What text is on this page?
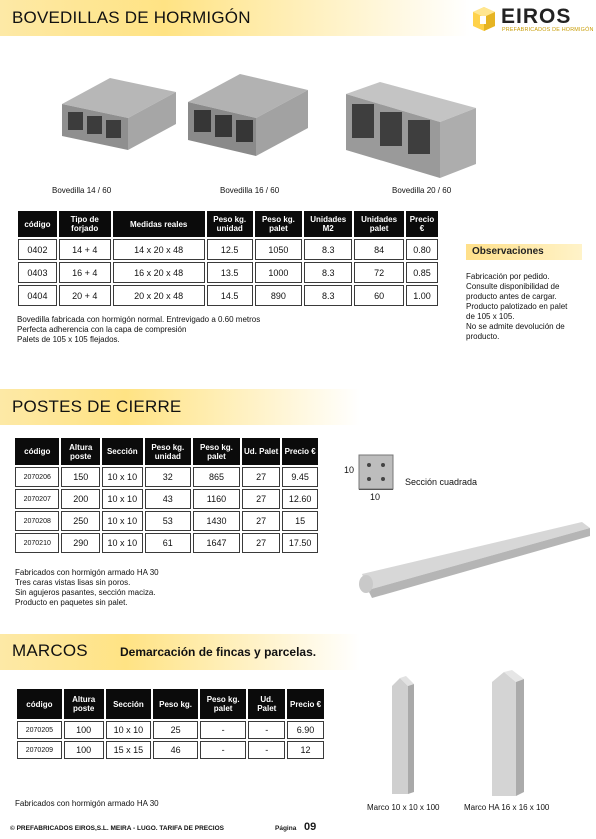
BOVEDILLAS DE HORMIGÓN	EIROS
PREFABRICADOS DE HORMIGÓN
Bovedilla 14 / 60	Bovedilla 16 / 60	Bovedilla 20 / 60
código	Tipo de forjado	Medidas reales	Peso kg. unidad	Peso kg. palet	Unidades M2	Unidades palet	Precio €
0402	14 + 4	14 x 20 x 48	12.5	1050	8.3	84	0.80
0403	16 + 4	16 x 20 x 48	13.5	1000	8.3	72	0.85
0404	20 + 4	20 x 20 x 48	14.5	890	8.3	60	1.00
Bovedilla fabricada con hormigón normal. Entrevigado a 0.60 metros
Perfecta adherencia con la capa de compresión
Palets de 105 x 105 flejados.
Observaciones
Fabricación por pedido.
Consulte disponibilidad de
producto antes de cargar.
Producto palotizado en palet
de 105 x 105.
No se admite devolución de
producto.
POSTES DE CIERRE
código	Altura poste	Sección	Peso kg. unidad	Peso kg. palet	Ud. Palet	Precio €
2070206	150	10 x 10	32	865	27	9.45
2070207	200	10 x 10	43	1160	27	12.60
2070208	250	10 x 10	53	1430	27	15
2070210	290	10 x 10	61	1647	27	17.50
Fabricados con hormigón armado HA 30
Tres caras vistas lisas sin poros.
Sin agujeros pasantes, sección maciza.
Producto en paquetes sin palet.
10
10
Sección cuadrada
MARCOS	Demarcación de fincas y parcelas.
código	Altura poste	Sección	Peso kg.	Peso kg. palet	Ud. Palet	Precio €
2070205	100	10 x 10	25	-	-	6.90
2070209	100	15 x 15	46	-	-	12
Fabricados con hormigón armado HA 30	Marco 10 x 10 x 100	Marco HA 16 x 16 x 100
© PREFABRICADOS EIROS,S.L. MEIRA - LUGO. TARIFA DE PRECIOS	Página 09
